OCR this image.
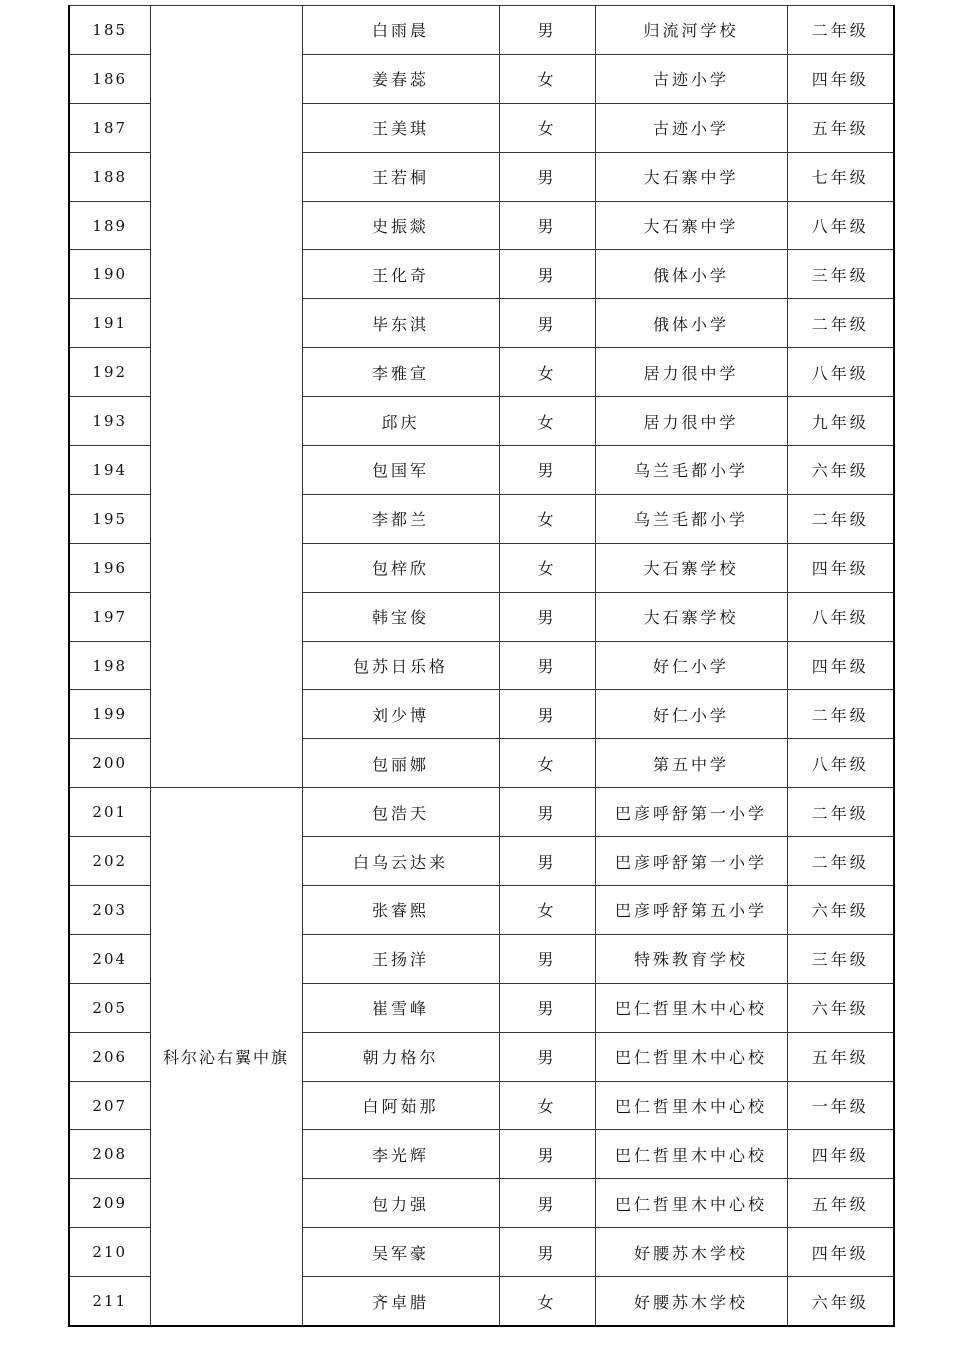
185		白雨晨	男	归流河学校	二年级
186		姜春蕊	女	古迹小学	四年级
187		王美琪	女	古迹小学	五年级
188		王若桐	男	大石寨中学	七年级
189		史振燚	男	大石寨中学	八年级
190		王化奇	男	俄体小学	三年级
191		毕东淇	男	俄体小学	二年级
192		李雅宣	女	居力很中学	八年级
193		邱庆	女	居力很中学	九年级
194		包国军	男	乌兰毛都小学	六年级
195		李都兰	女	乌兰毛都小学	二年级
196		包梓欣	女	大石寨学校	四年级
197		韩宝俊	男	大石寨学校	八年级
198		包苏日乐格	男	好仁小学	四年级
199		刘少博	男	好仁小学	二年级
200		包丽娜	女	第五中学	八年级
201	科尔沁右翼中旗	包浩天	男	巴彦呼舒第一小学	二年级
202		白乌云达来	男	巴彦呼舒第一小学	二年级
203		张睿熙	女	巴彦呼舒第五小学	六年级
204		王扬洋	男	特殊教育学校	三年级
205		崔雪峰	男	巴仁哲里木中心校	六年级
206		朝力格尔	男	巴仁哲里木中心校	五年级
207		白阿茹那	女	巴仁哲里木中心校	一年级
208		李光辉	男	巴仁哲里木中心校	四年级
209		包力强	男	巴仁哲里木中心校	五年级
210		吴军豪	男	好腰苏木学校	四年级
211		齐卓腊	女	好腰苏木学校	六年级
